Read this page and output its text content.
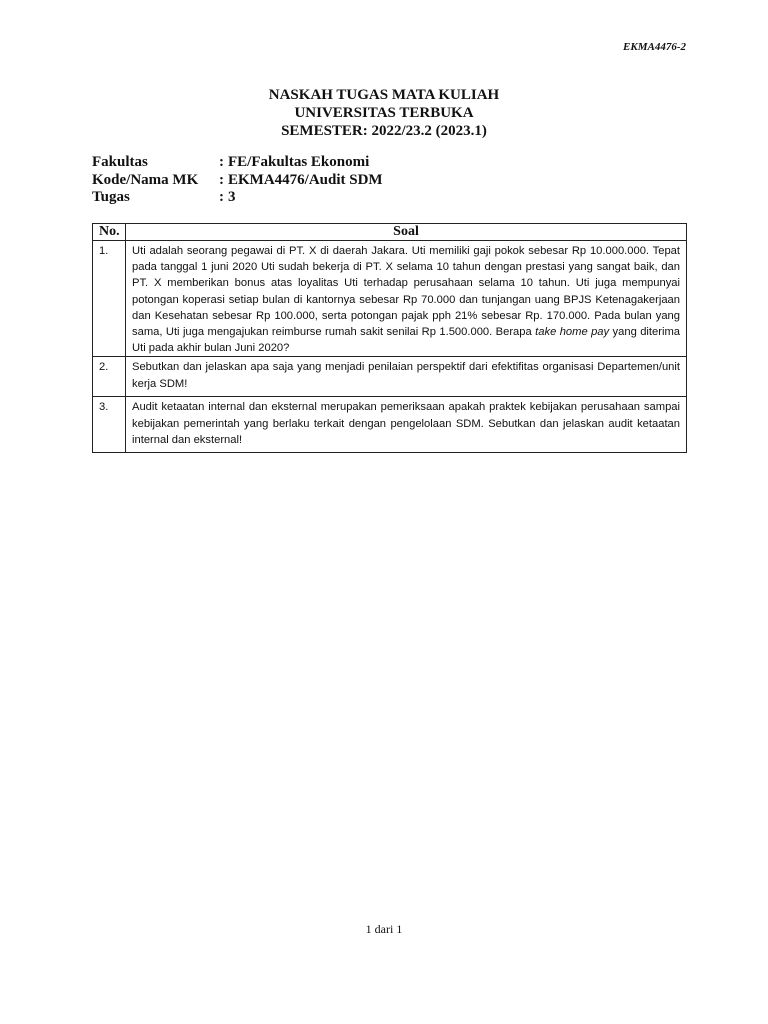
EKMA4476-2
NASKAH TUGAS MATA KULIAH
UNIVERSITAS TERBUKA
SEMESTER: 2022/23.2 (2023.1)
Fakultas	: FE/Fakultas Ekonomi
Kode/Nama MK	: EKMA4476/Audit SDM
Tugas	: 3
No.	Soal
1.	Uti adalah seorang pegawai di PT. X di daerah Jakara. Uti memiliki gaji pokok sebesar Rp 10.000.000. Tepat pada tanggal 1 juni 2020 Uti sudah bekerja di PT. X selama 10 tahun dengan prestasi yang sangat baik, dan PT. X memberikan bonus atas loyalitas Uti terhadap perusahaan selama 10 tahun. Uti juga mempunyai potongan koperasi setiap bulan di kantornya sebesar Rp 70.000 dan tunjangan uang BPJS Ketenagakerjaan dan Kesehatan sebesar Rp 100.000, serta potongan pajak pph 21% sebesar Rp. 170.000. Pada bulan yang sama, Uti juga mengajukan reimburse rumah sakit senilai Rp 1.500.000. Berapa take home pay yang diterima Uti pada akhir bulan Juni 2020?
2.	Sebutkan dan jelaskan apa saja yang menjadi penilaian perspektif dari efektifitas organisasi Departemen/unit kerja SDM!
3.	Audit ketaatan internal dan eksternal merupakan pemeriksaan apakah praktek kebijakan perusahaan sampai kebijakan pemerintah yang berlaku terkait dengan pengelolaan SDM. Sebutkan dan jelaskan audit ketaatan internal dan eksternal!
1 dari 1
